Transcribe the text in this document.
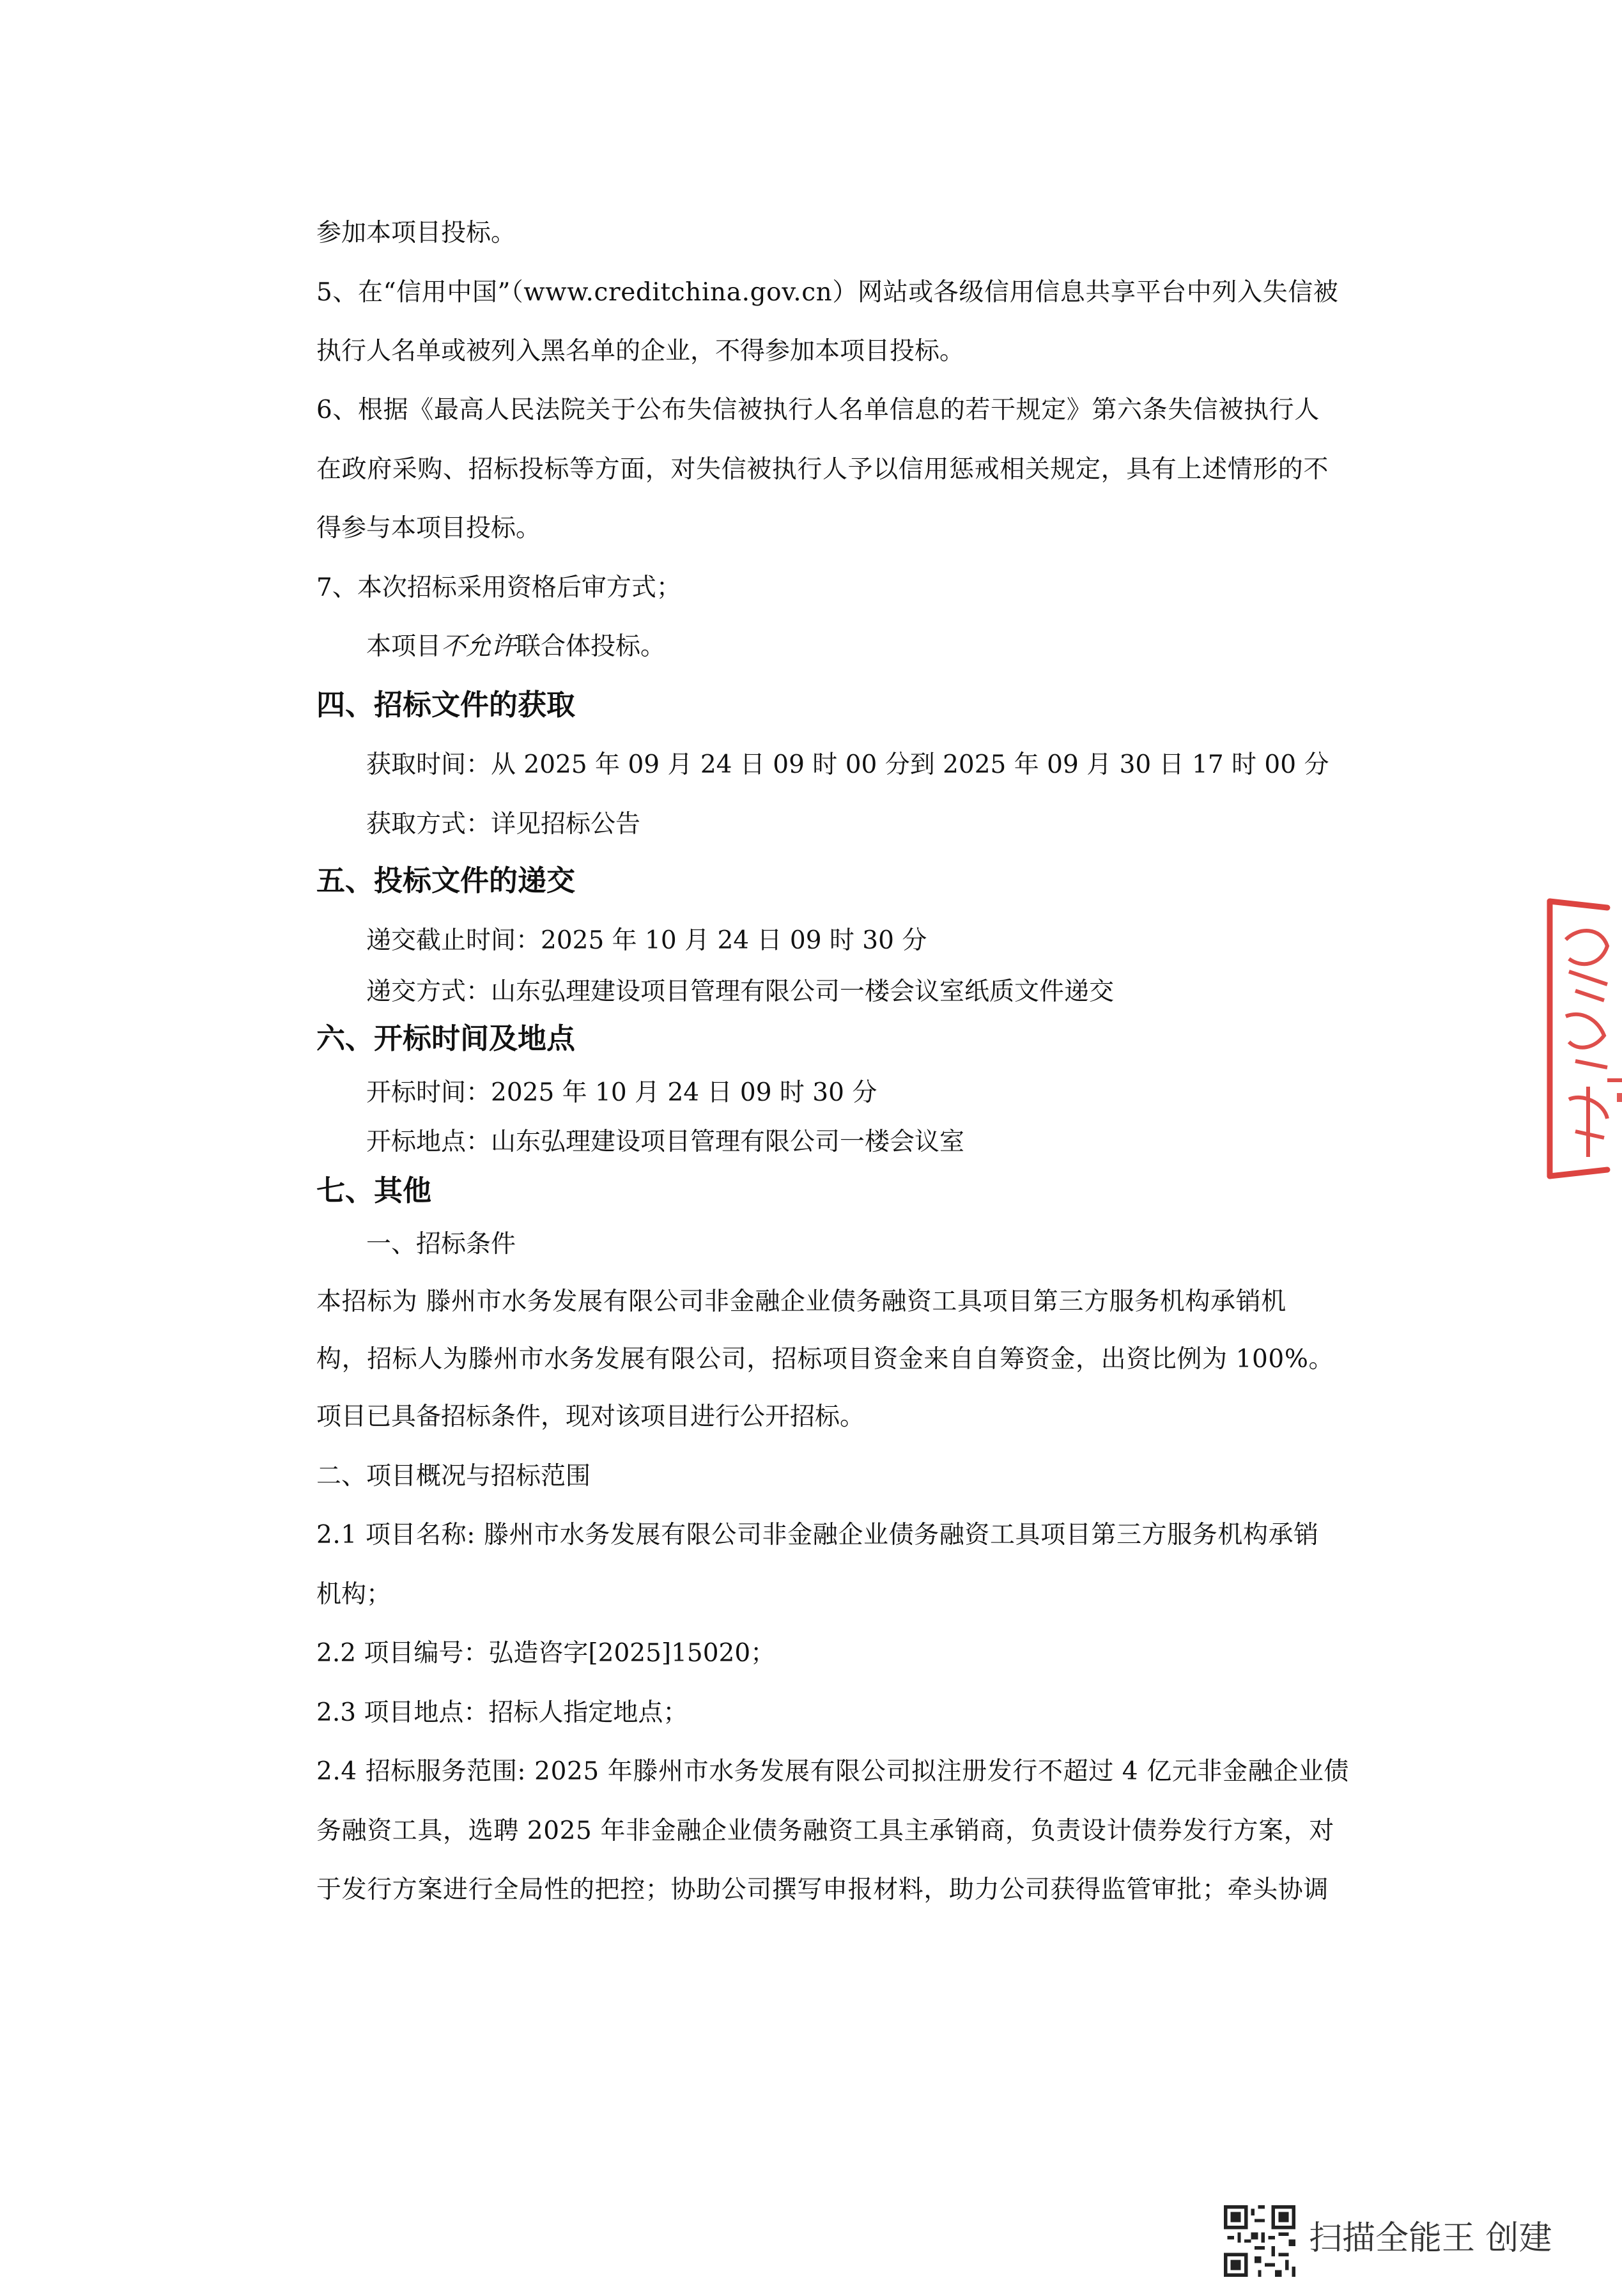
参加本项目投标。
5、在“信用中国”（www.creditchina.gov.cn）网站或各级信用信息共享平台中列入失信被
执行人名单或被列入黑名单的企业，不得参加本项目投标。
6、根据《最高人民法院关于公布失信被执行人名单信息的若干规定》第六条失信被执行人
在政府采购、招标投标等方面，对失信被执行人予以信用惩戒相关规定，具有上述情形的不
得参与本项目投标。
7、本次招标采用资格后审方式；
本项目不允许联合体投标。
四、招标文件的获取
获取时间：从 2025 年 09 月 24 日 09 时 00 分到 2025 年 09 月 30 日 17 时 00 分
获取方式：详见招标公告
五、投标文件的递交
递交截止时间：2025 年 10 月 24 日 09 时 30 分
递交方式：山东弘理建设项目管理有限公司一楼会议室纸质文件递交
六、开标时间及地点
开标时间：2025 年 10 月 24 日 09 时 30 分
开标地点：山东弘理建设项目管理有限公司一楼会议室
七、其他
一、招标条件
本招标为 滕州市水务发展有限公司非金融企业债务融资工具项目第三方服务机构承销机
构，招标人为滕州市水务发展有限公司，招标项目资金来自自筹资金，出资比例为 100%。
项目已具备招标条件，现对该项目进行公开招标。
二、项目概况与招标范围
2.1 项目名称: 滕州市水务发展有限公司非金融企业债务融资工具项目第三方服务机构承销
机构；
2.2 项目编号：弘造咨字[2025]15020；
2.3 项目地点：招标人指定地点；
2.4 招标服务范围: 2025 年滕州市水务发展有限公司拟注册发行不超过 4 亿元非金融企业债
务融资工具，选聘 2025 年非金融企业债务融资工具主承销商，负责设计债券发行方案，对
于发行方案进行全局性的把控；协助公司撰写申报材料，助力公司获得监管审批；牵头协调
扫描全能王 创建
